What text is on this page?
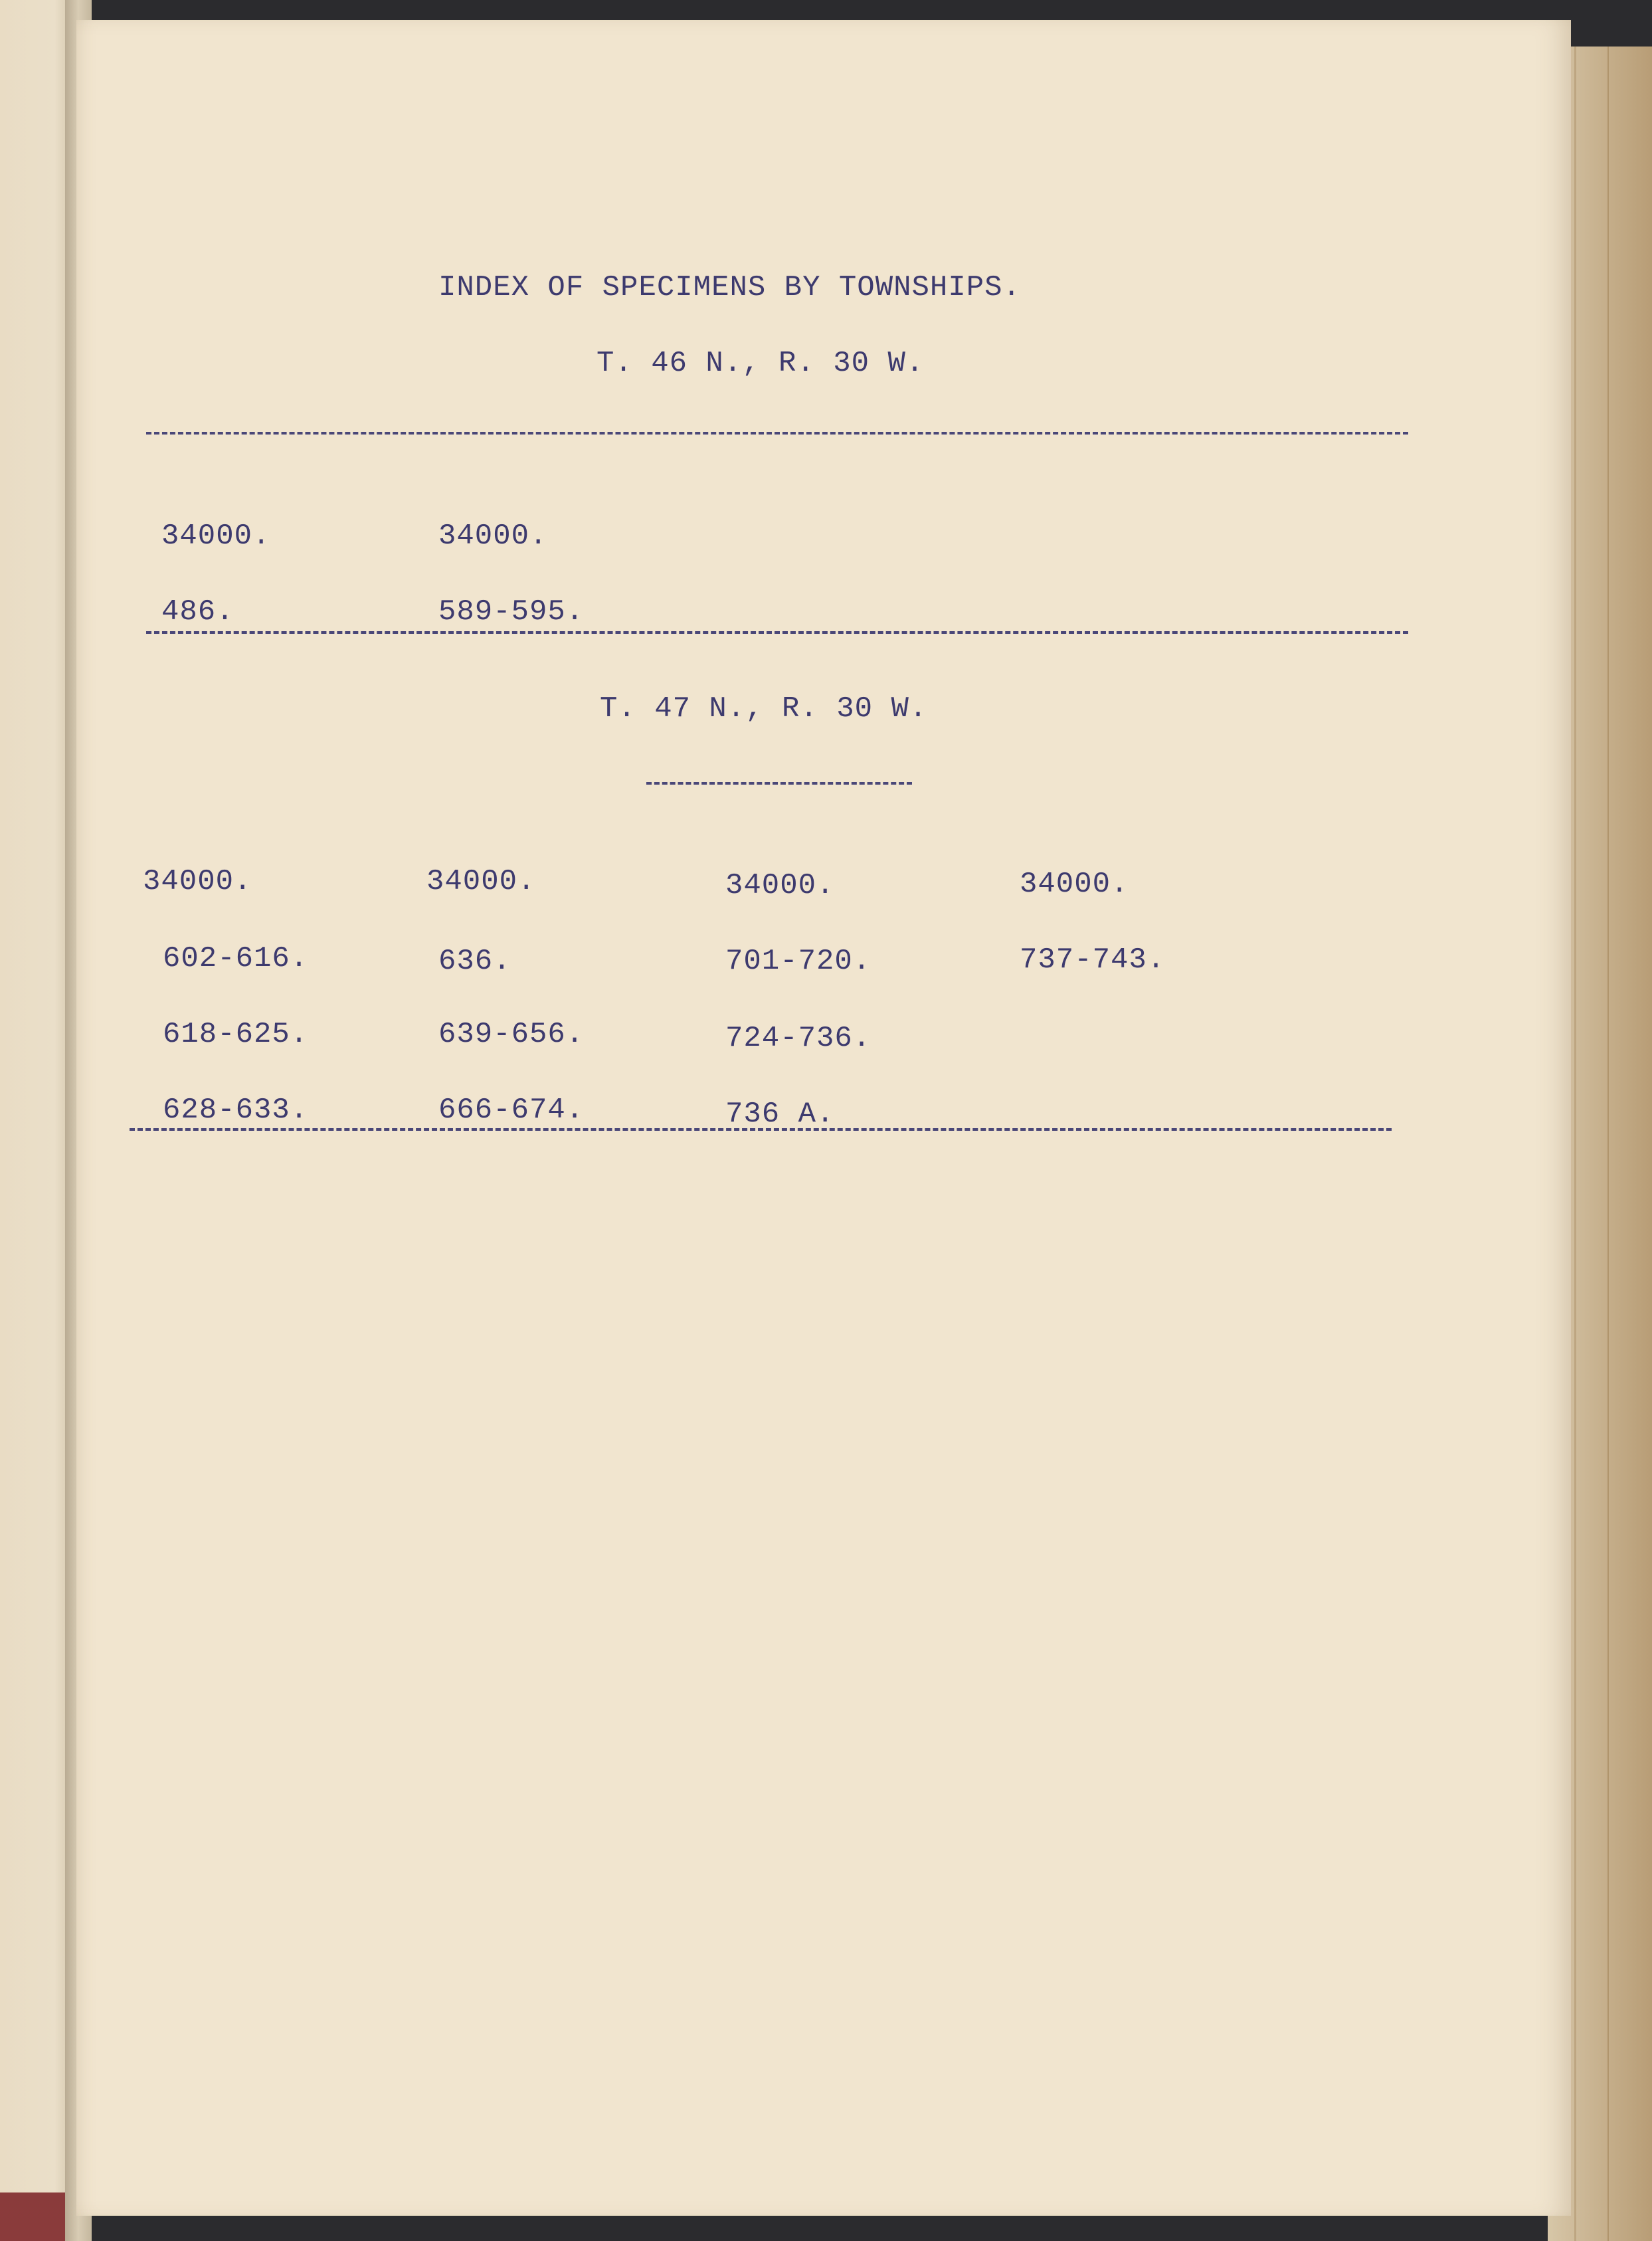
INDEX OF SPECIMENS BY TOWNSHIPS.
T. 46 N., R. 30 W.
34000.	34000.
486.	589-595.
T. 47 N., R. 30 W.
34000.	34000.	34000.	34000.
602-616.	636.	701-720.	737-743.
618-625.	639-656.	724-736.
628-633.	666-674.	736 A.
